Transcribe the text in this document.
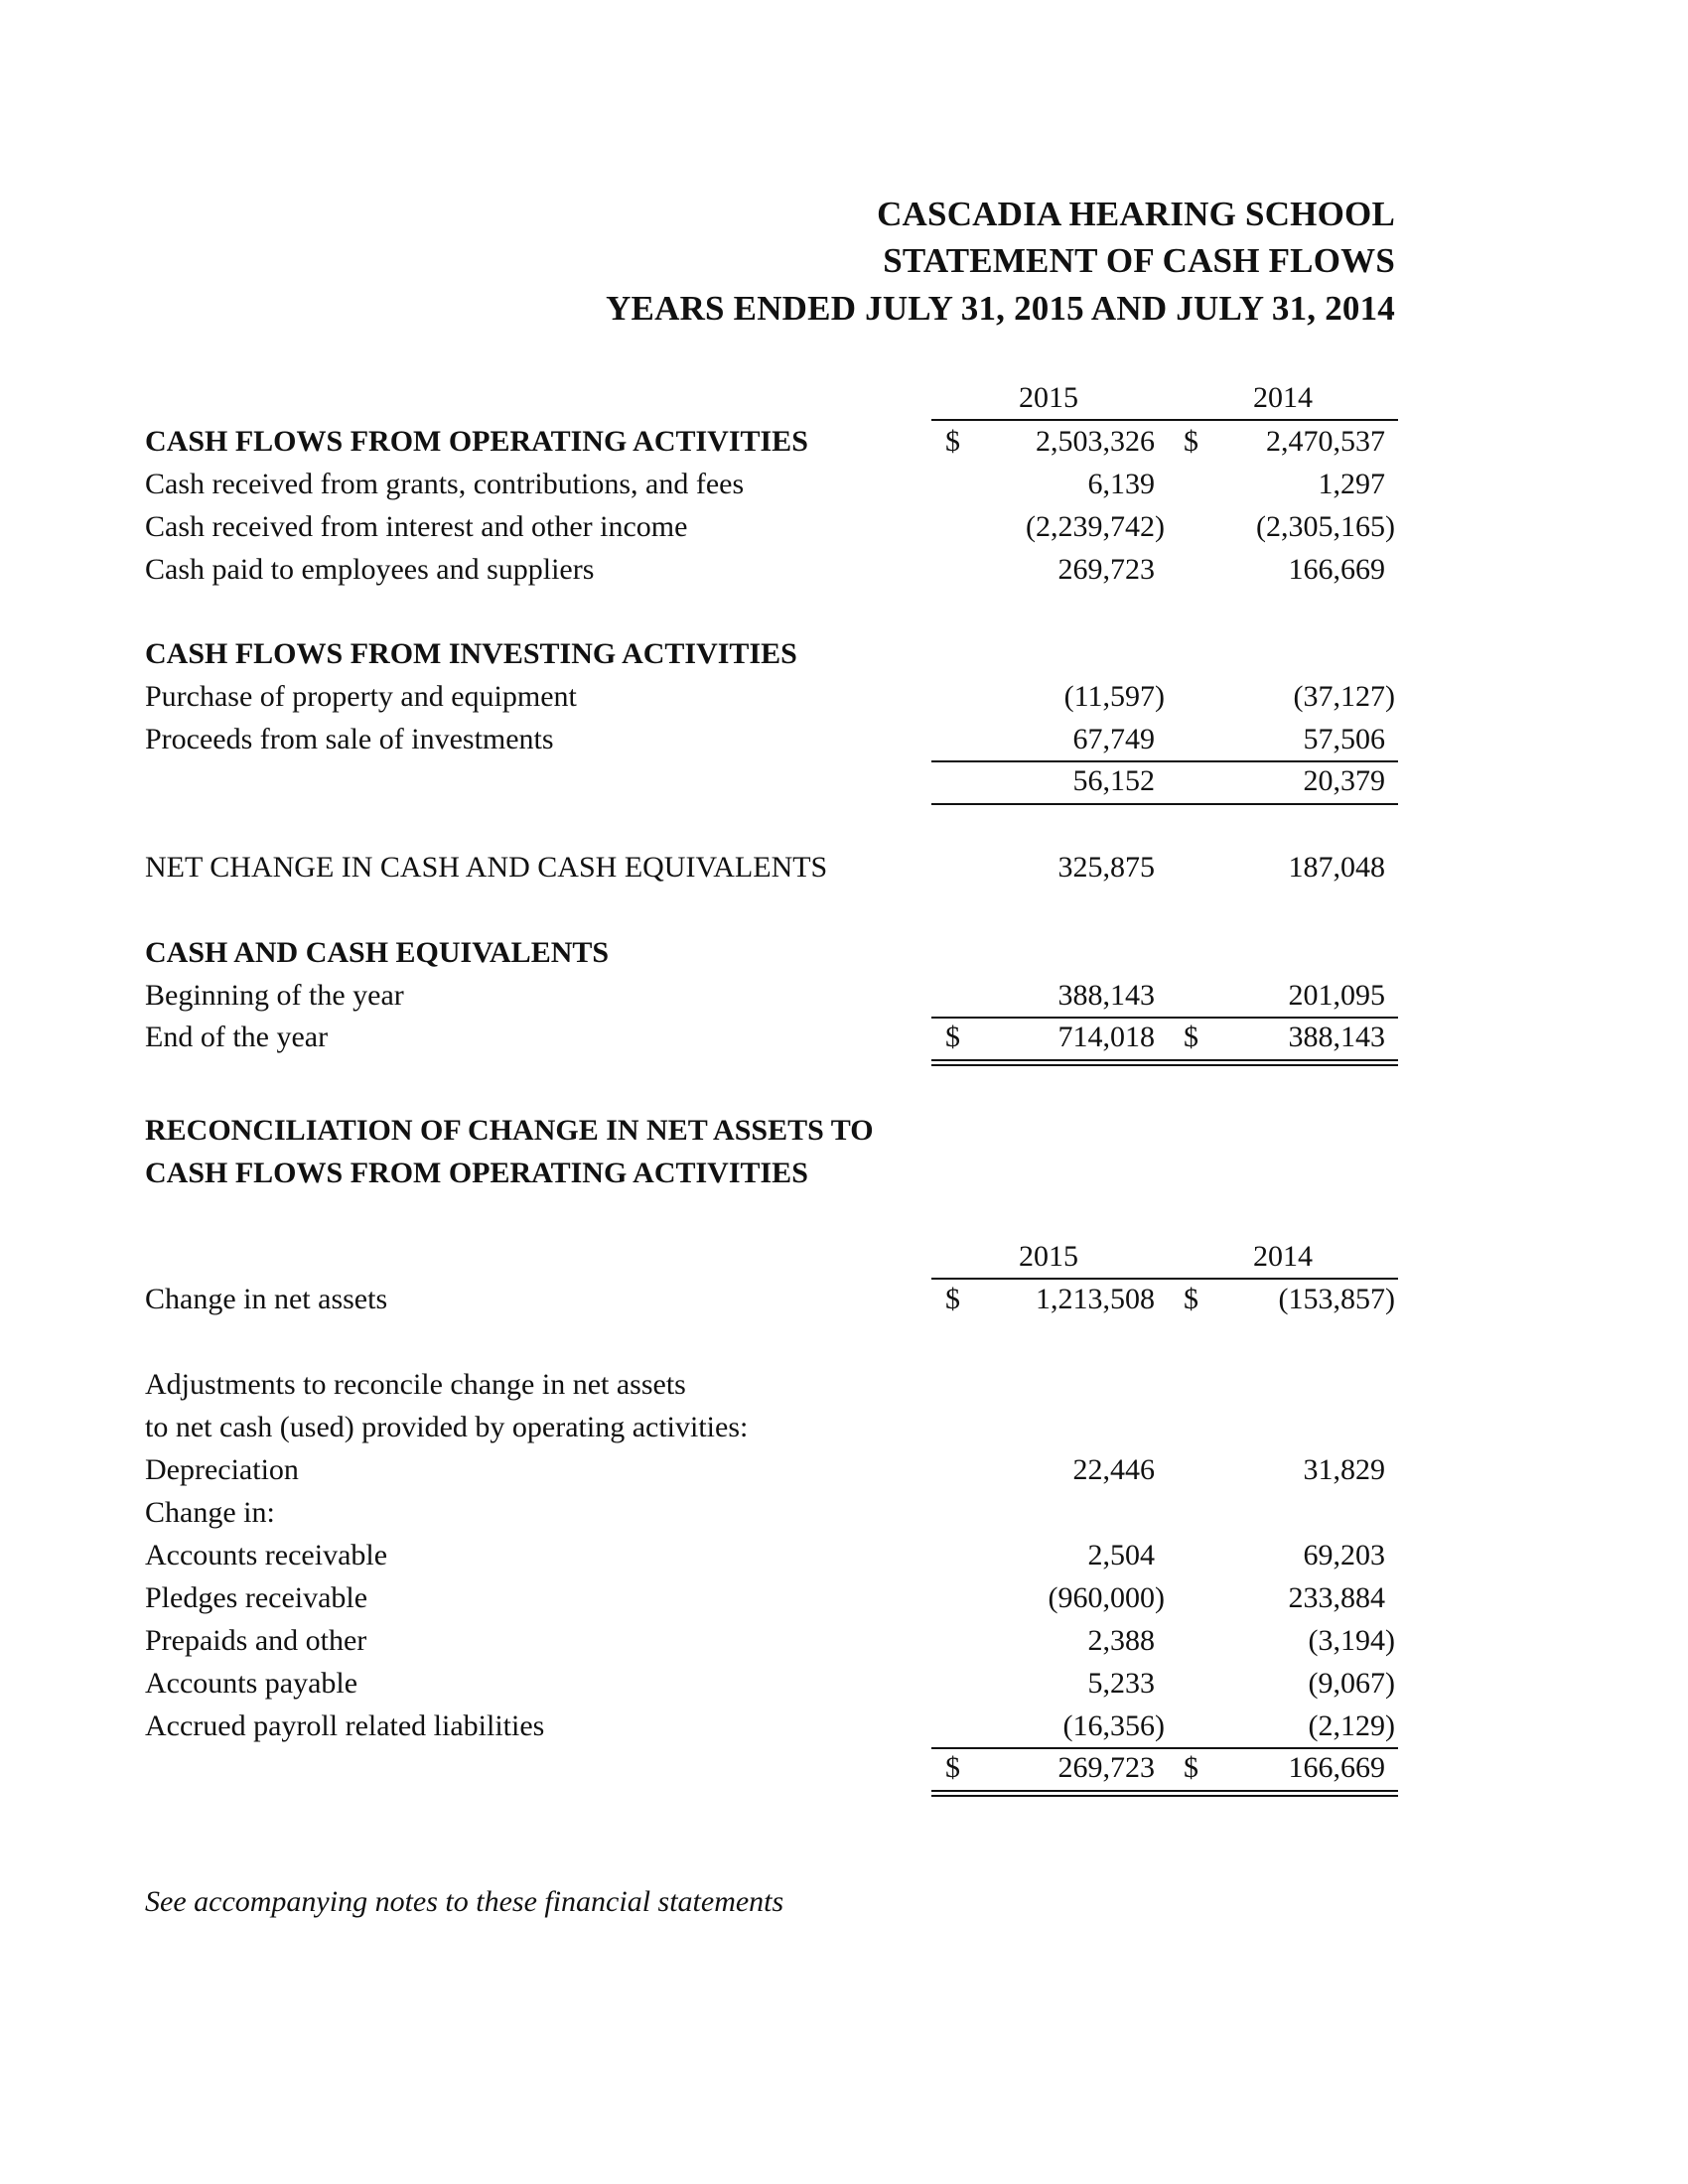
CASCADIA HEARING SCHOOL
STATEMENT OF CASH FLOWS
YEARS ENDED JULY 31, 2015 AND JULY 31, 2014
2015	2014
CASH FLOWS FROM OPERATING ACTIVITIES	$	2,503,326 $ 2,470,537
Cash received from grants, contributions, and fees	6,139	1,297
Cash received from interest and other income	(2,239,742)	(2,305,165)
Cash paid to employees and suppliers	269,723	166,669
CASH FLOWS FROM INVESTING ACTIVITIES
Purchase of property and equipment	(11,597)	(37,127)
Proceeds from sale of investments	67,749	57,506
56,152	20,379
NET CHANGE IN CASH AND CASH EQUIVALENTS	325,875	187,048
CASH AND CASH EQUIVALENTS
Beginning of the year	388,143	201,095
End of the year	$	714,018 $	388,143
RECONCILIATION OF CHANGE IN NET ASSETS TO
CASH FLOWS FROM OPERATING ACTIVITIES
2015	2014
Change in net assets	$	1,213,508 $	(153,857)
Adjustments to reconcile change in net assets
to net cash (used) provided by operating activities:
Depreciation	22,446	31,829
Change in:
Accounts receivable	2,504	69,203
Pledges receivable	(960,000)	233,884
Prepaids and other	2,388	(3,194)
Accounts payable	5,233	(9,067)
Accrued payroll related liabilities	(16,356)	(2,129)
$	269,723 $	166,669
See accompanying notes to these financial statements
